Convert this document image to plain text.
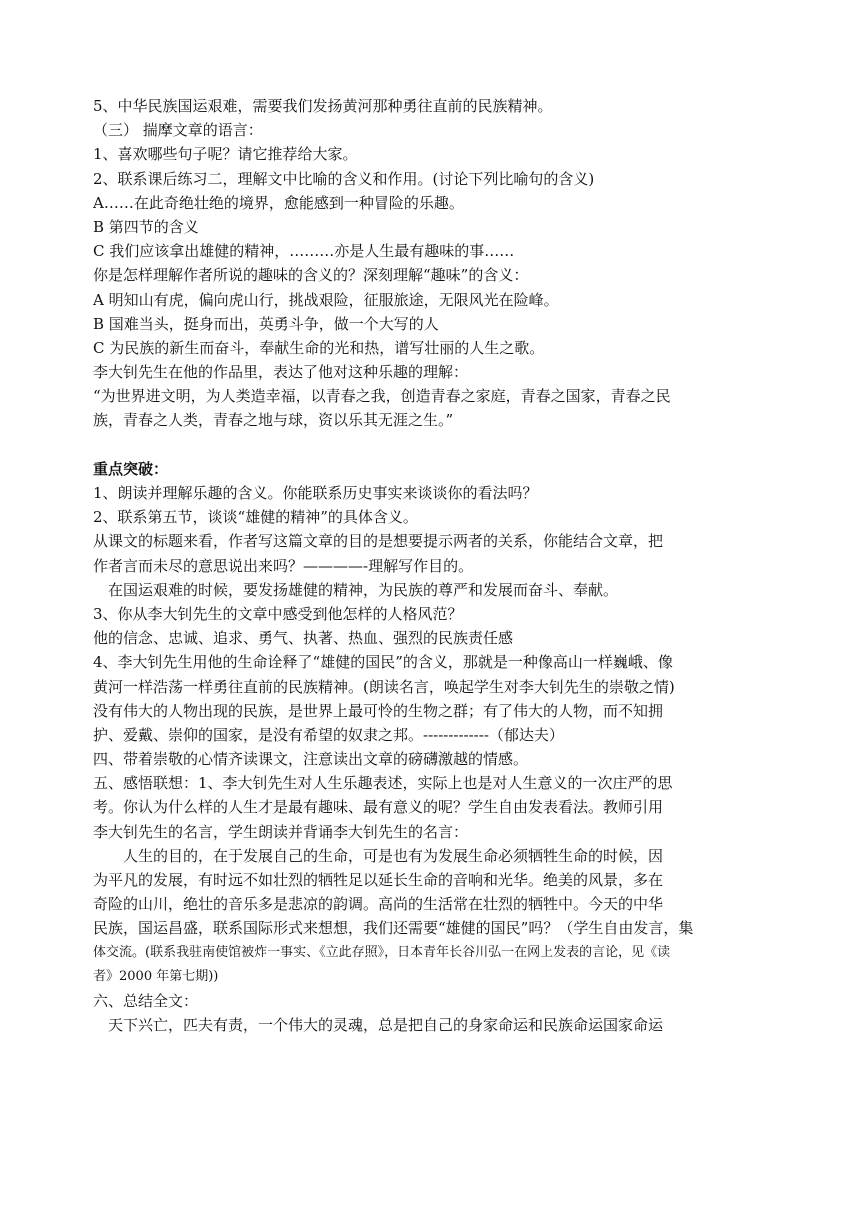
5、中华民族国运艰难，需要我们发扬黄河那种勇往直前的民族精神。
（三） 揣摩文章的语言：
1、喜欢哪些句子呢？请它推荐给大家。
2、联系课后练习二，理解文中比喻的含义和作用。(讨论下列比喻句的含义)
A……在此奇绝壮绝的境界，愈能感到一种冒险的乐趣。
B 第四节的含义
C 我们应该拿出雄健的精神，………亦是人生最有趣味的事……
你是怎样理解作者所说的趣味的含义的？深刻理解“趣味”的含义：
A 明知山有虎，偏向虎山行，挑战艰险，征服旅途，无限风光在险峰。
B 国难当头，挺身而出，英勇斗争，做一个大写的人
C 为民族的新生而奋斗，奉献生命的光和热，谱写壮丽的人生之歌。
李大钊先生在他的作品里，表达了他对这种乐趣的理解：
“为世界进文明，为人类造幸福，以青春之我，创造青春之家庭，青春之国家，青春之民
族，青春之人类，青春之地与球，资以乐其无涯之生。”
重点突破：
1、朗读并理解乐趣的含义。你能联系历史事实来谈谈你的看法吗？
2、联系第五节，谈谈“雄健的精神”的具体含义。
从课文的标题来看，作者写这篇文章的目的是想要提示两者的关系，你能结合文章，把
作者言而未尽的意思说出来吗？————-理解写作目的。
在国运艰难的时候，要发扬雄健的精神，为民族的尊严和发展而奋斗、奉献。
3、你从李大钊先生的文章中感受到他怎样的人格风范？
他的信念、忠诚、追求、勇气、执著、热血、强烈的民族责任感
4、李大钊先生用他的生命诠释了“雄健的国民”的含义，那就是一种像高山一样巍峨、像
黄河一样浩荡一样勇往直前的民族精神。(朗读名言，唤起学生对李大钊先生的崇敬之情)
没有伟大的人物出现的民族，是世界上最可怜的生物之群；有了伟大的人物，而不知拥
护、爱戴、崇仰的国家，是没有希望的奴隶之邦。-------------（郁达夫）
四、带着崇敬的心情齐读课文，注意读出文章的磅礴激越的情感。
五、感悟联想：1、李大钊先生对人生乐趣表述，实际上也是对人生意义的一次庄严的思
考。你认为什么样的人生才是最有趣味、最有意义的呢？学生自由发表看法。教师引用
李大钊先生的名言，学生朗读并背诵李大钊先生的名言：
人生的目的，在于发展自己的生命，可是也有为发展生命必须牺牲生命的时候，因
为平凡的发展，有时远不如壮烈的牺牲足以延长生命的音响和光华。绝美的风景，多在
奇险的山川，绝壮的音乐多是悲凉的韵调。高尚的生活常在壮烈的牺牲中。今天的中华
民族，国运昌盛，联系国际形式来想想，我们还需要“雄健的国民”吗？（学生自由发言，集
体交流。(联系我驻南使馆被炸一事实、《立此存照》，日本青年长谷川弘一在网上发表的言论，见《读
者》2000 年第七期))
六、总结全文：
天下兴亡，匹夫有责，一个伟大的灵魂，总是把自己的身家命运和民族命运国家命运
